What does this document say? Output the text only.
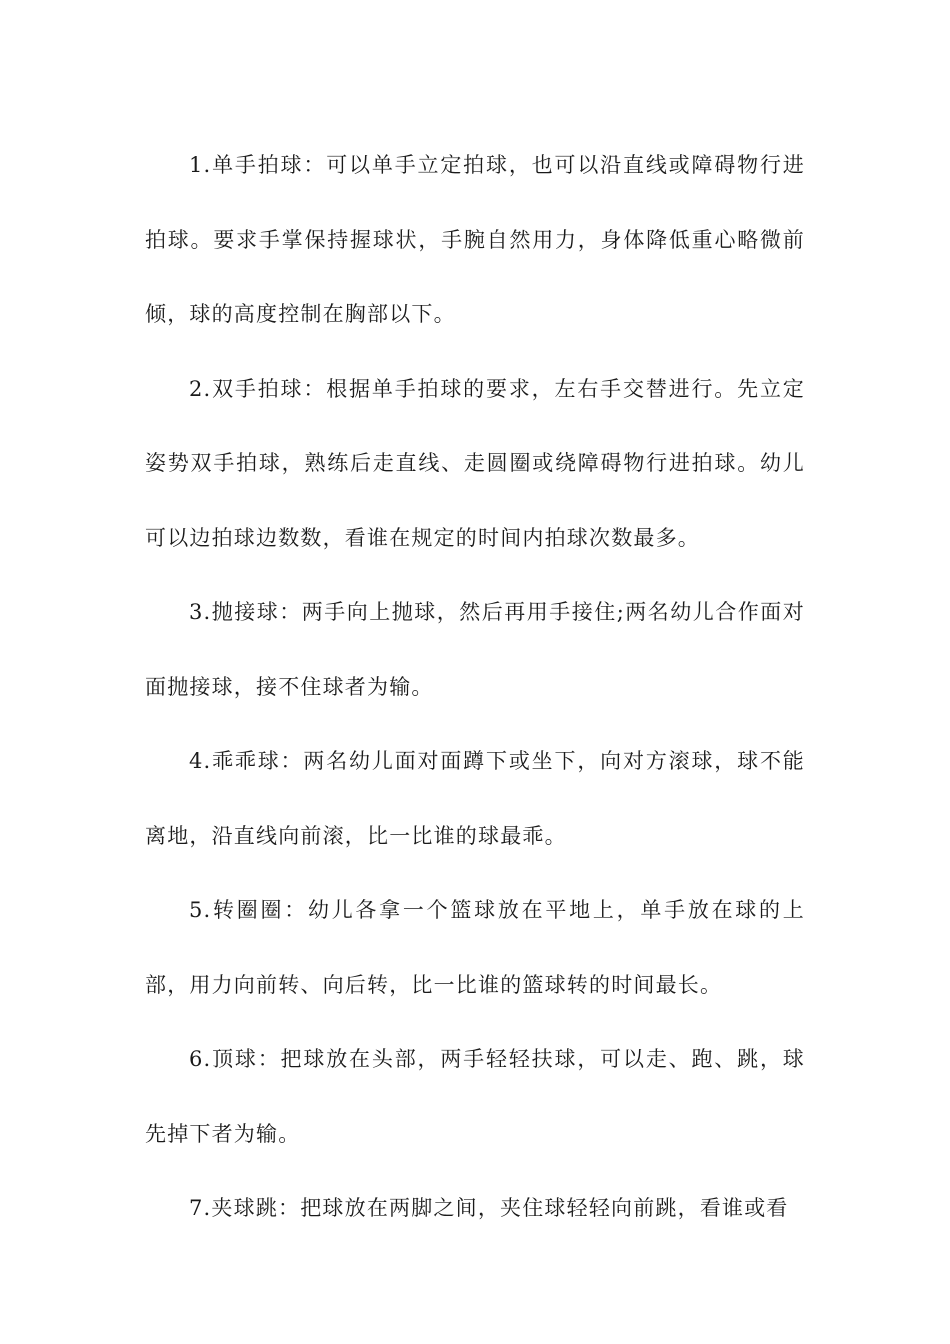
1.单手拍球：可以单手立定拍球，也可以沿直线或障碍物行进拍球。要求手掌保持握球状，手腕自然用力，身体降低重心略微前倾，球的高度控制在胸部以下。

2.双手拍球：根据单手拍球的要求，左右手交替进行。先立定姿势双手拍球，熟练后走直线、走圆圈或绕障碍物行进拍球。幼儿可以边拍球边数数，看谁在规定的时间内拍球次数最多。

3.抛接球：两手向上抛球，然后再用手接住;两名幼儿合作面对面抛接球，接不住球者为输。

4.乖乖球：两名幼儿面对面蹲下或坐下，向对方滚球，球不能离地，沿直线向前滚，比一比谁的球最乖。

5.转圈圈：幼儿各拿一个篮球放在平地上，单手放在球的上部，用力向前转、向后转，比一比谁的篮球转的时间最长。

6.顶球：把球放在头部，两手轻轻扶球，可以走、跑、跳，球先掉下者为输。

7.夹球跳：把球放在两脚之间，夹住球轻轻向前跳，看谁或看
